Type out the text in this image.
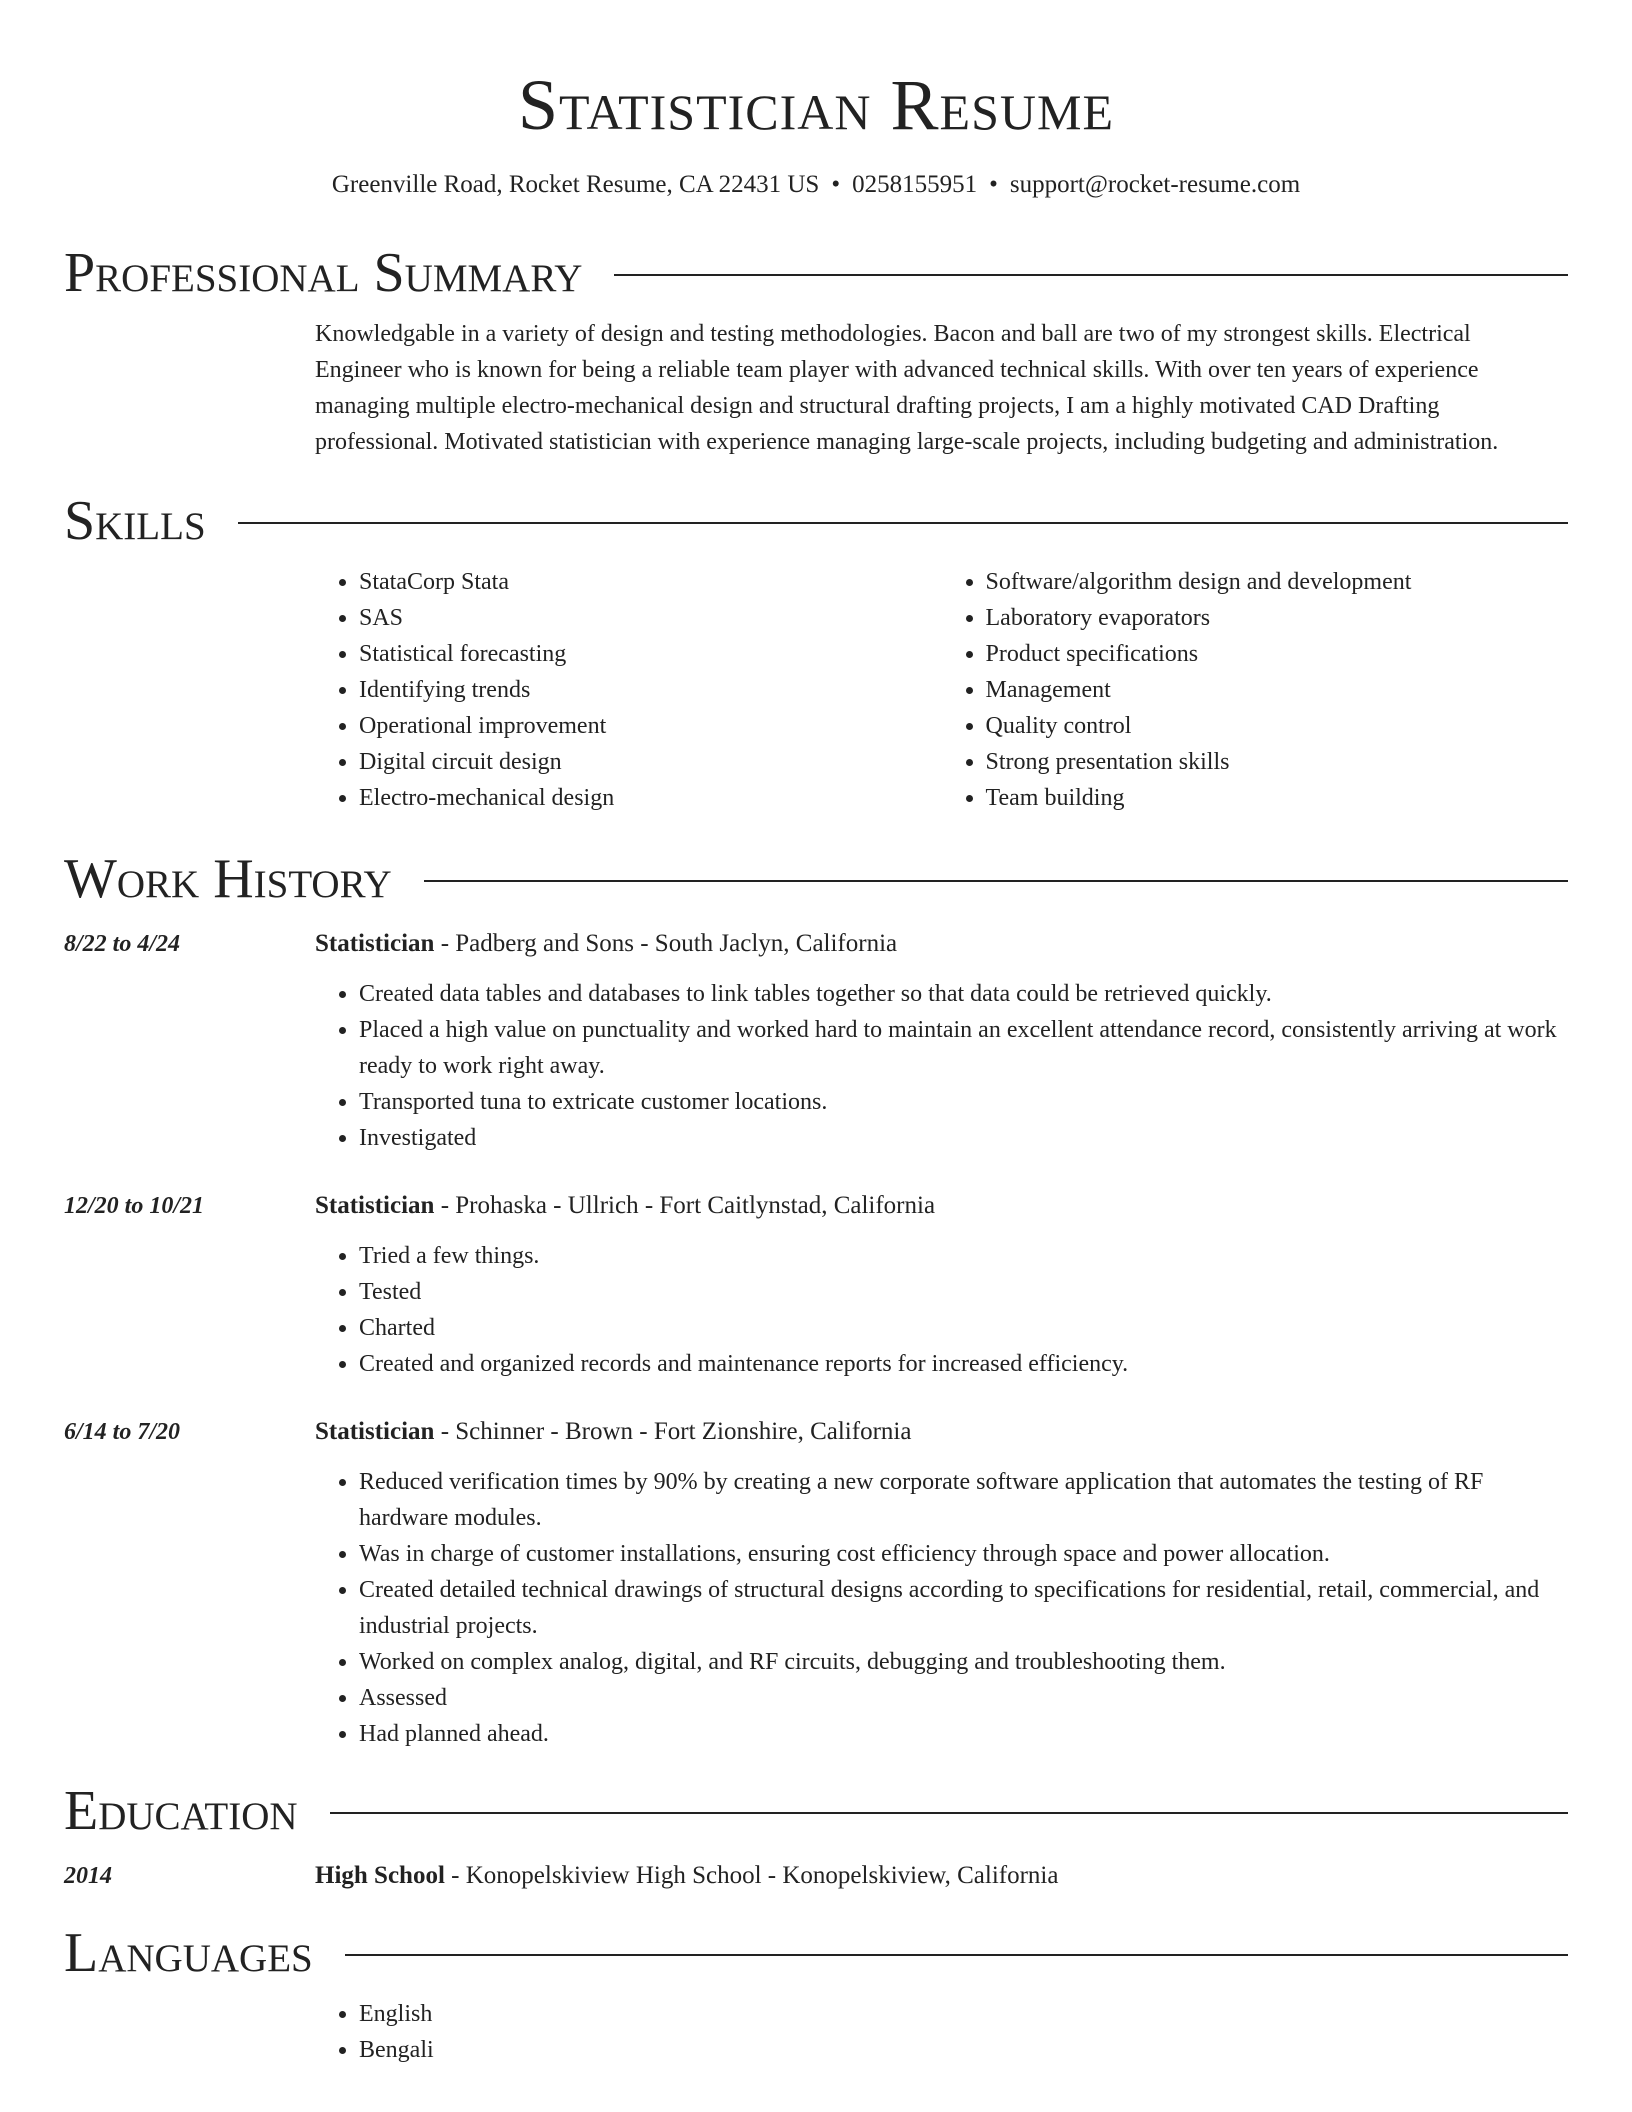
Statistician Resume
Greenville Road, Rocket Resume, CA 22431 US • 0258155951 • support@rocket-resume.com
Professional Summary

Knowledgable in a variety of design and testing methodologies. Bacon and ball are two of my strongest skills. Electrical Engineer who is known for being a reliable team player with advanced technical skills. With over ten years of experience managing multiple electro-mechanical design and structural drafting projects, I am a highly motivated CAD Drafting professional. Motivated statistician with experience managing large-scale projects, including budgeting and administration.

Skills
• StataCorp Stata
• SAS
• Statistical forecasting
• Identifying trends
• Operational improvement
• Digital circuit design
• Electro-mechanical design
• Software/algorithm design and development
• Laboratory evaporators
• Product specifications
• Management
• Quality control
• Strong presentation skills
• Team building
Work History
8/22 to 4/24	Statistician - Padberg and Sons - South Jaclyn, California
• Created data tables and databases to link tables together so that data could be retrieved quickly.
• Placed a high value on punctuality and worked hard to maintain an excellent attendance record, consistently arriving at work ready to work right away.
• Transported tuna to extricate customer locations.
• Investigated
12/20 to 10/21	Statistician - Prohaska - Ullrich - Fort Caitlynstad, California
• Tried a few things.
• Tested
• Charted
• Created and organized records and maintenance reports for increased efficiency.
6/14 to 7/20	Statistician - Schinner - Brown - Fort Zionshire, California
• Reduced verification times by 90% by creating a new corporate software application that automates the testing of RF hardware modules.
• Was in charge of customer installations, ensuring cost efficiency through space and power allocation.
• Created detailed technical drawings of structural designs according to specifications for residential, retail, commercial, and industrial projects.
• Worked on complex analog, digital, and RF circuits, debugging and troubleshooting them.
• Assessed
• Had planned ahead.
Education
2014	High School - Konopelskiview High School - Konopelskiview, California
Languages
• English
• Bengali
